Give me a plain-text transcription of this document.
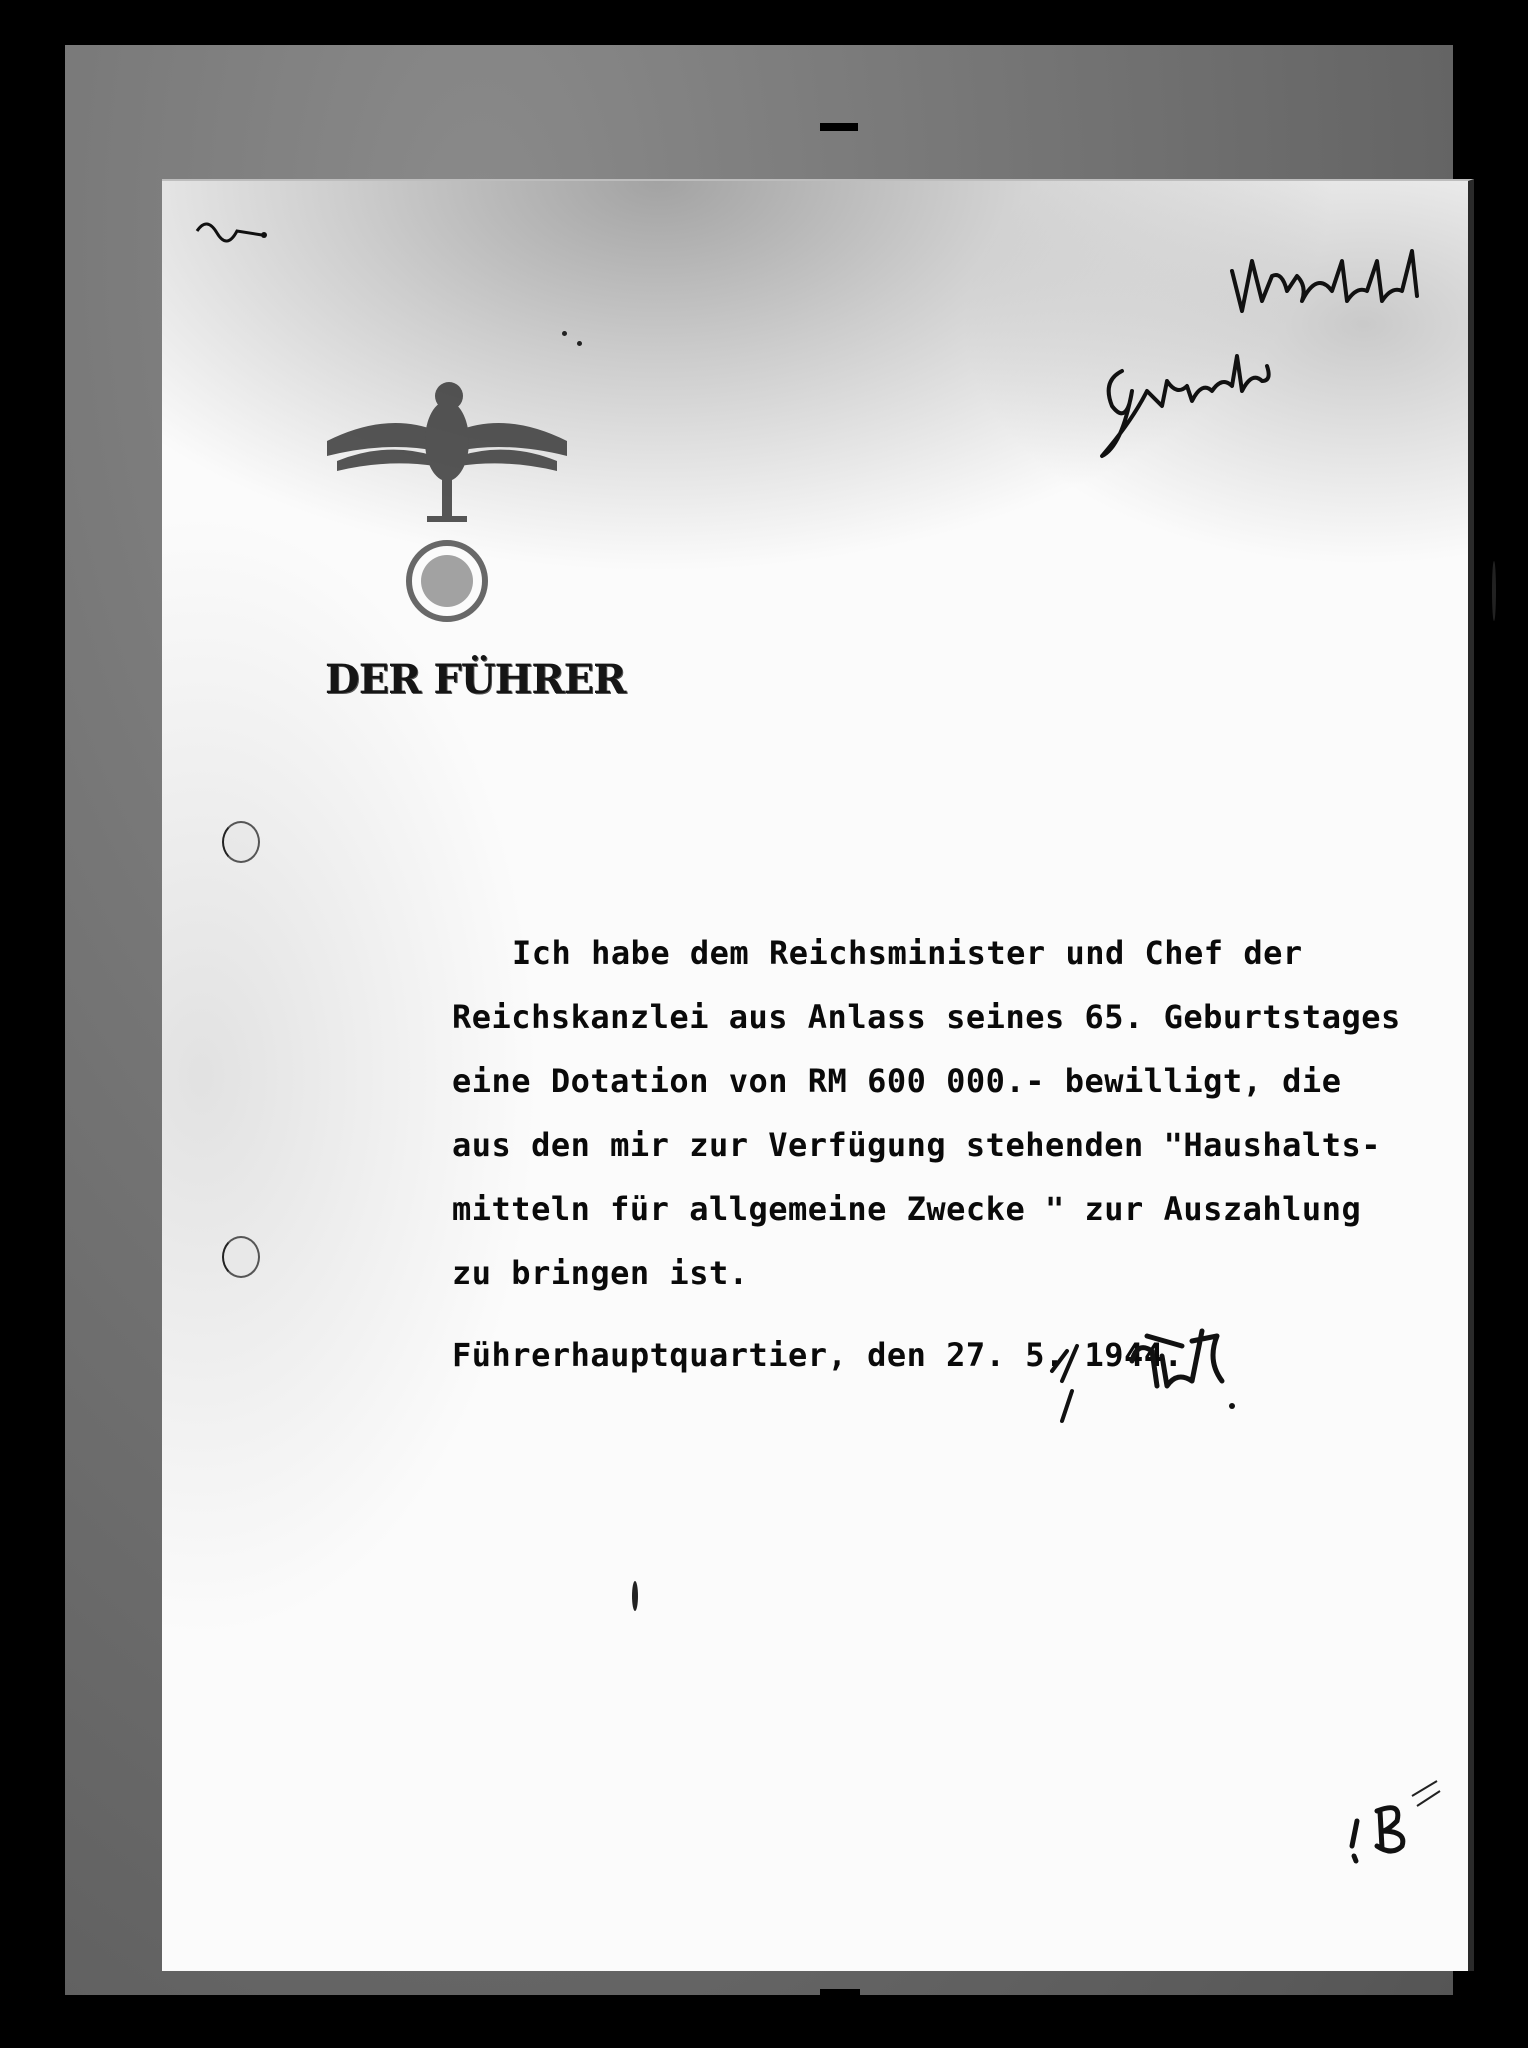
DER FÜHRER
Ich habe dem Reichsminister und Chef der
Reichskanzlei aus Anlass seines 65. Geburtstages
eine Dotation von RM 600 000.- bewilligt, die
aus den mir zur Verfügung stehenden "Haushalts-
mitteln für allgemeine Zwecke " zur Auszahlung
zu bringen ist.
Führerhauptquartier, den 27. 5. 1944.
